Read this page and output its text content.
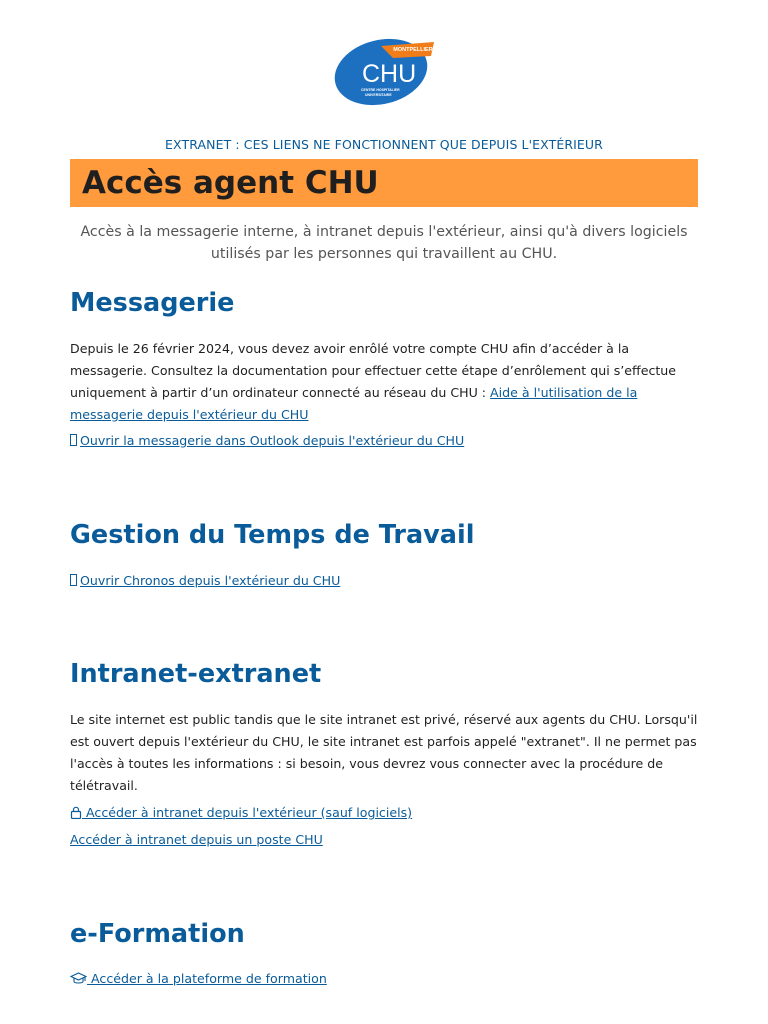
MONTPELLIER
CHU
CENTRE HOSPITALIER
UNIVERSITAIRE
EXTRANET : CES LIENS NE FONCTIONNENT QUE DEPUIS L'EXTÉRIEUR
Accès agent CHU
Accès à la messagerie interne, à intranet depuis l'extérieur, ainsi qu'à divers logiciels utilisés par les personnes qui travaillent au CHU.
Messagerie

Depuis le 26 février 2024, vous devez avoir enrôlé votre compte CHU afin d’accéder à la messagerie. Consultez la documentation pour effectuer cette étape d’enrôlement qui s’effectue uniquement à partir d’un ordinateur connecté au réseau du CHU : Aide à l'utilisation de la messagerie depuis l'extérieur du CHU

Ouvrir la messagerie dans Outlook depuis l'extérieur du CHU
Gestion du Temps de Travail
Ouvrir Chronos depuis l'extérieur du CHU
Intranet-extranet

Le site internet est public tandis que le site intranet est privé, réservé aux agents du CHU. Lorsqu'il est ouvert depuis l'extérieur du CHU, le site intranet est parfois appelé "extranet". Il ne permet pas l'accès à toutes les informations : si besoin, vous devrez vous connecter avec la procédure de télétravail.

Accéder à intranet depuis l'extérieur (sauf logiciels)
Accéder à intranet depuis un poste CHU
e-Formation
Accéder à la plateforme de formation
